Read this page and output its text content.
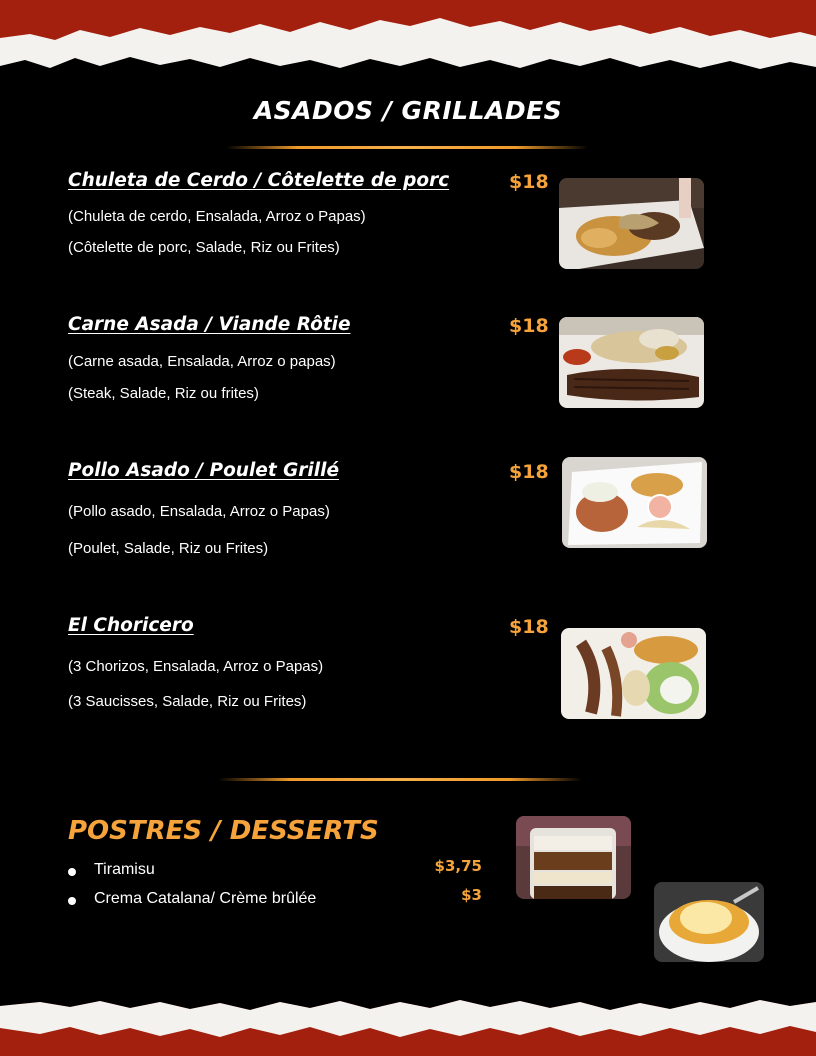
ASADOS / GRILLADES
Chuleta de Cerdo / Côtelette de porc	$18
(Chuleta de cerdo, Ensalada, Arroz o Papas)
(Côtelette de porc, Salade, Riz ou Frites)
Carne Asada / Viande Rôtie	$18
(Carne asada, Ensalada, Arroz o papas)
(Steak, Salade, Riz ou frites)
Pollo Asado / Poulet Grillé	$18
(Pollo asado, Ensalada, Arroz o Papas)
(Poulet, Salade, Riz ou Frites)
El Choricero	$18
(3 Chorizos, Ensalada, Arroz o Papas)
(3 Saucisses, Salade, Riz ou Frites)
POSTRES / DESSERTS
Tiramisu	$3,75
Crema Catalana/ Crème brûlée	$3
